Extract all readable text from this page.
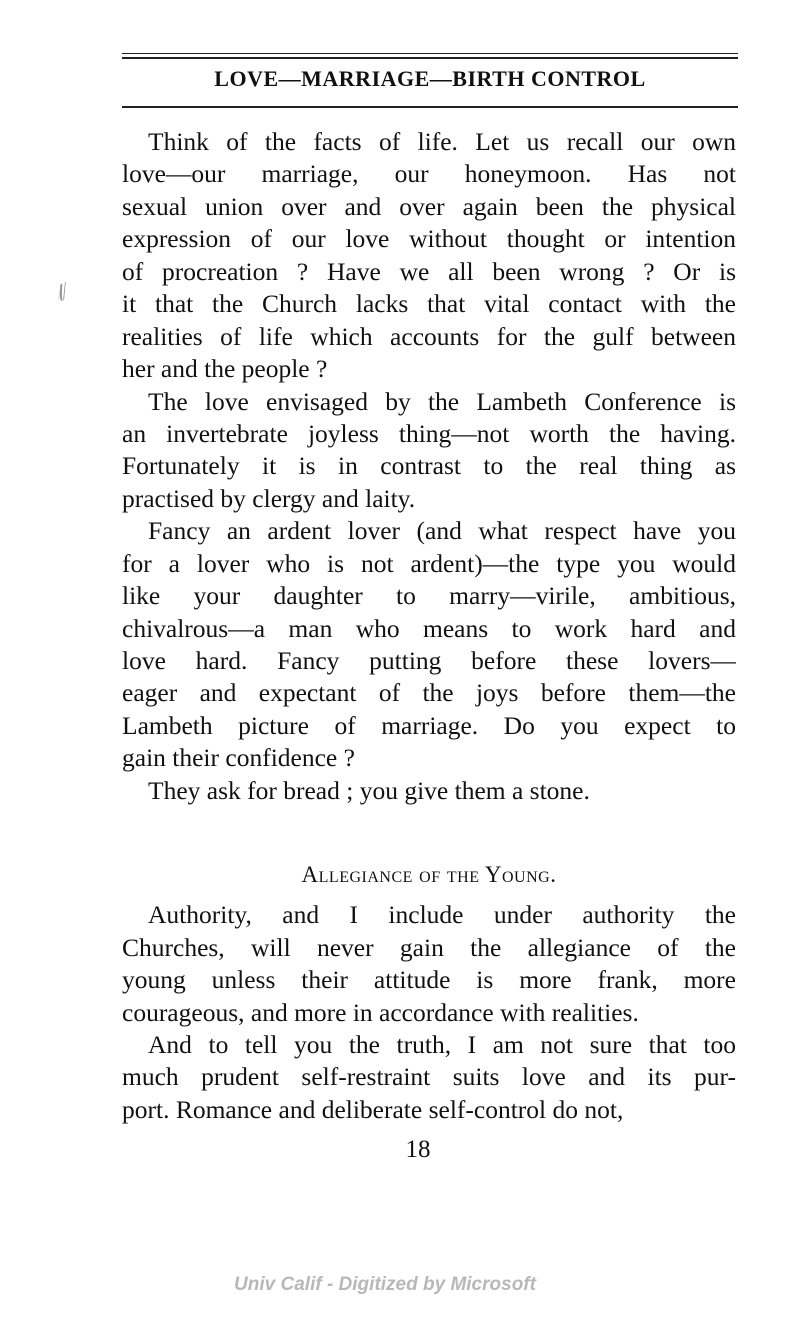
LOVE—MARRIAGE—BIRTH CONTROL
𝓁⁄
Think of the facts of life. Let us recall our own
love—our marriage, our honeymoon. Has not
sexual union over and over again been the physical
expression of our love without thought or intention
of procreation ? Have we all been wrong ? Or is
it that the Church lacks that vital contact with the
realities of life which accounts for the gulf between
her and the people ?
The love envisaged by the Lambeth Conference is
an invertebrate joyless thing—not worth the having.
Fortunately it is in contrast to the real thing as
practised by clergy and laity.
Fancy an ardent lover (and what respect have you
for a lover who is not ardent)—the type you would
like your daughter to marry—virile, ambitious,
chivalrous—a man who means to work hard and
love hard. Fancy putting before these lovers—
eager and expectant of the joys before them—the
Lambeth picture of marriage. Do you expect to
gain their confidence ?
They ask for bread ; you give them a stone.
Allegiance of the Young.
Authority, and I include under authority the
Churches, will never gain the allegiance of the
young unless their attitude is more frank, more
courageous, and more in accordance with realities.
And to tell you the truth, I am not sure that too
much prudent self-restraint suits love and its pur-
port. Romance and deliberate self-control do not,
18
Univ Calif - Digitized by Microsoft
